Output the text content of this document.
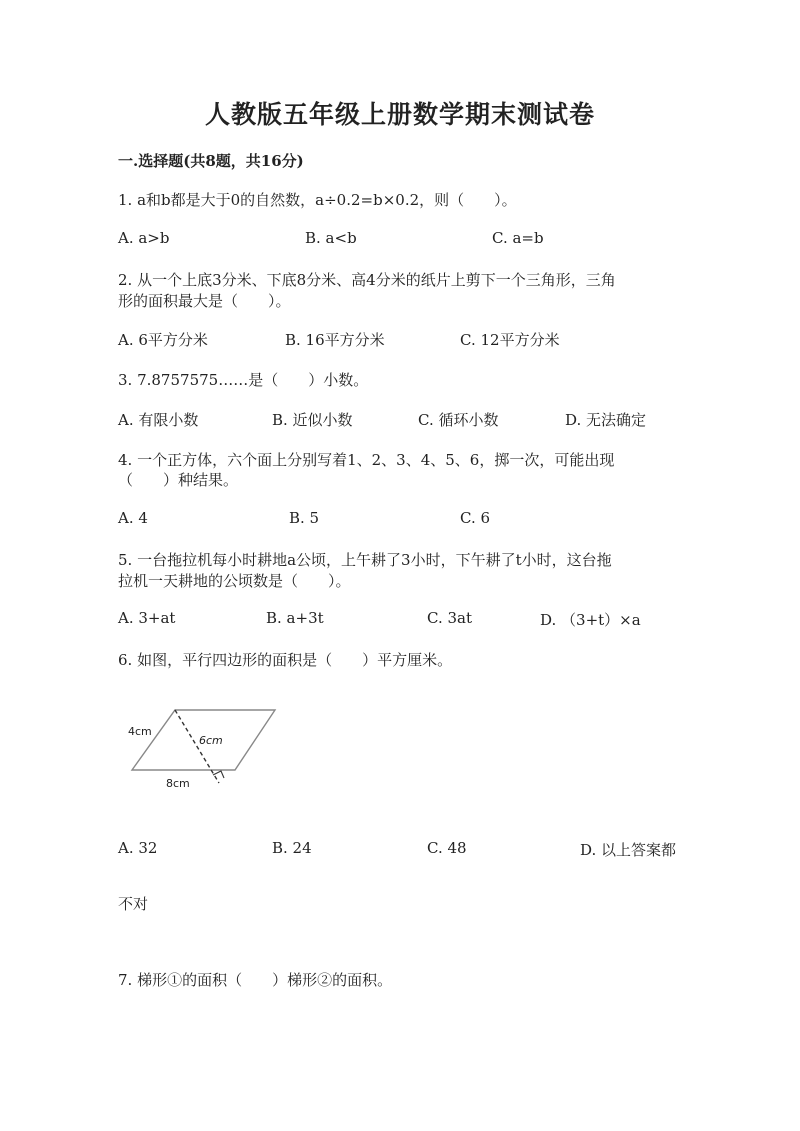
人教版五年级上册数学期末测试卷
一.选择题(共8题，共16分)
1. a和b都是大于0的自然数，a÷0.2=b×0.2，则（　　）。
A. a>b	B. a<b	C. a=b
2. 从一个上底3分米、下底8分米、高4分米的纸片上剪下一个三角形，三角
形的面积最大是（　　）。
A. 6平方分米	B. 16平方分米	C. 12平方分米
3. 7.8757575……是（　　）小数。
A. 有限小数	B. 近似小数	C. 循环小数	D. 无法确定
4. 一个正方体，六个面上分别写着1、2、3、4、5、6，掷一次，可能出现
（　　）种结果。
A. 4	B. 5	C. 6
5. 一台拖拉机每小时耕地a公顷，上午耕了3小时，下午耕了t小时，这台拖
拉机一天耕地的公顷数是（　　）。
A. 3+at	B. a+3t	C. 3at	D. （3+t）×a
6. 如图，平行四边形的面积是（　　）平方厘米。
4cm
6cm
8cm
A. 32	B. 24	C. 48	D. 以上答案都
不对
7. 梯形①的面积（　　）梯形②的面积。
